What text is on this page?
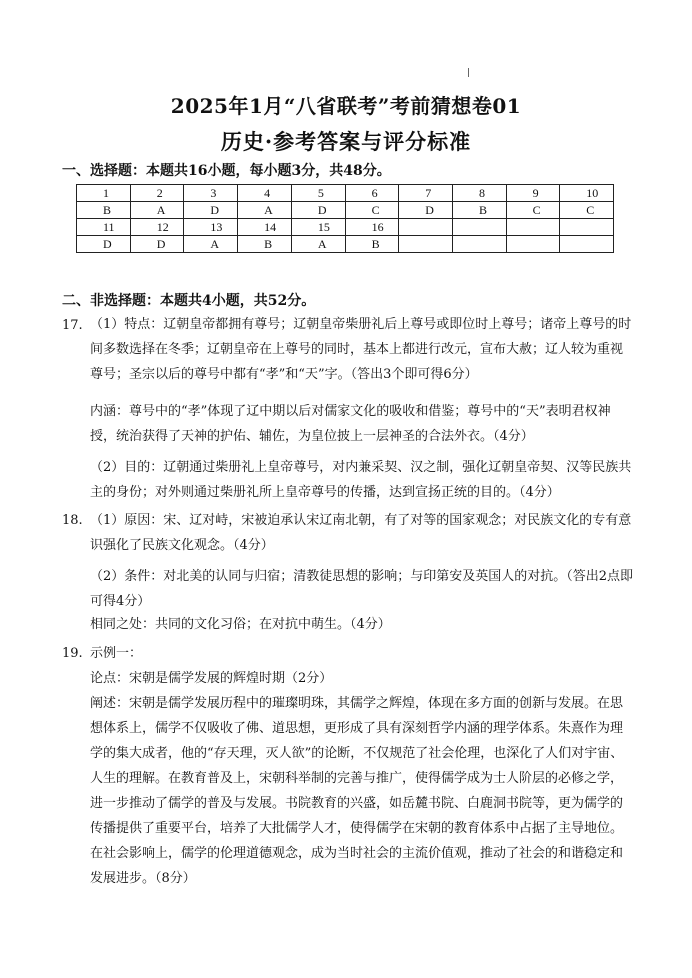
2025年1月“八省联考”考前猜想卷01
历史·参考答案与评分标准
一、选择题：本题共16小题，每小题3分，共48分。
1	2	3	4	5	6	7	8	9	10
B	A	D	A	D	C	D	B	C	C
11	12	13	14	15	16				
D	D	A	B	A	B				
二、非选择题：本题共4小题，共52分。
17. （1）特点：辽朝皇帝都拥有尊号；辽朝皇帝柴册礼后上尊号或即位时上尊号；诸帝上尊号的时间多数选择在冬季；辽朝皇帝在上尊号的同时，基本上都进行改元，宣布大赦；辽人较为重视尊号；圣宗以后的尊号中都有“孝”和“天”字。（答出3个即可得6分）
内涵：尊号中的“孝”体现了辽中期以后对儒家文化的吸收和借鉴；尊号中的“天”表明君权神授，统治获得了天神的护佑、辅佐，为皇位披上一层神圣的合法外衣。（4分）
（2）目的：辽朝通过柴册礼上皇帝尊号，对内兼采契、汉之制，强化辽朝皇帝契、汉等民族共主的身份；对外则通过柴册礼所上皇帝尊号的传播，达到宣扬正统的目的。（4分）
18. （1）原因：宋、辽对峙，宋被迫承认宋辽南北朝，有了对等的国家观念；对民族文化的专有意识强化了民族文化观念。（4分）
（2）条件：对北美的认同与归宿；清教徒思想的影响；与印第安及英国人的对抗。（答出2点即可得4分）
相同之处：共同的文化习俗；在对抗中萌生。（4分）
19. 示例一：
论点：宋朝是儒学发展的辉煌时期（2分）
阐述：宋朝是儒学发展历程中的璀璨明珠，其儒学之辉煌，体现在多方面的创新与发展。在思想体系上，儒学不仅吸收了佛、道思想，更形成了具有深刻哲学内涵的理学体系。朱熹作为理学的集大成者，他的“存天理，灭人欲”的论断，不仅规范了社会伦理，也深化了人们对宇宙、人生的理解。在教育普及上，宋朝科举制的完善与推广，使得儒学成为士人阶层的必修之学，进一步推动了儒学的普及与发展。书院教育的兴盛，如岳麓书院、白鹿洞书院等，更为儒学的传播提供了重要平台，培养了大批儒学人才，使得儒学在宋朝的教育体系中占据了主导地位。在社会影响上，儒学的伦理道德观念，成为当时社会的主流价值观，推动了社会的和谐稳定和发展进步。（8分）
